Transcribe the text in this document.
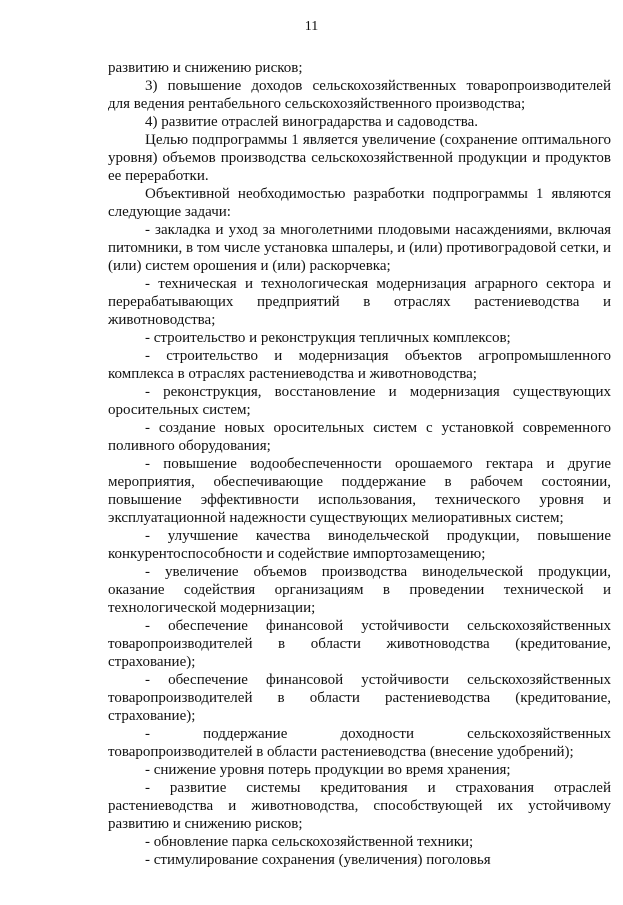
11

развитию и снижению рисков;

3) повышение доходов сельскохозяйственных товаропроизводителей для ведения рентабельного сельскохозяйственного производства;

4) развитие отраслей виноградарства и садоводства.

Целью подпрограммы 1 является увеличение (сохранение оптимального уровня) объемов производства сельскохозяйственной продукции и продуктов ее переработки.

Объективной необходимостью разработки подпрограммы 1 являются следующие задачи:

- закладка и уход за многолетними плодовыми насаждениями, включая питомники, в том числе установка шпалеры, и (или) противоградовой сетки, и (или) систем орошения и (или) раскорчевка;

- техническая и технологическая модернизация аграрного сектора и перерабатывающих предприятий в отраслях растениеводства и животноводства;

- строительство и реконструкция тепличных комплексов;

- строительство и модернизация объектов агропромышленного комплекса в отраслях растениеводства и животноводства;

- реконструкция, восстановление и модернизация существующих оросительных систем;

- создание новых оросительных систем с установкой современного поливного оборудования;

- повышение водообеспеченности орошаемого гектара и другие мероприятия, обеспечивающие поддержание в рабочем состоянии, повышение эффективности использования, технического уровня и эксплуатационной надежности существующих мелиоративных систем;

- улучшение качества винодельческой продукции, повышение конкурентоспособности и содействие импортозамещению;

- увеличение объемов производства винодельческой продукции, оказание содействия организациям в проведении технической и технологической модернизации;

- обеспечение финансовой устойчивости сельскохозяйственных товаропроизводителей в области животноводства (кредитование, страхование);

- обеспечение финансовой устойчивости сельскохозяйственных товаропроизводителей в области растениеводства (кредитование, страхование);

- поддержание доходности сельскохозяйственных товаропроизводителей в области растениеводства (внесение удобрений);

- снижение уровня потерь продукции во время хранения;

- развитие системы кредитования и страхования отраслей растениеводства и животноводства, способствующей их устойчивому развитию и снижению рисков;

- обновление парка сельскохозяйственной техники;

- стимулирование сохранения (увеличения) поголовья
